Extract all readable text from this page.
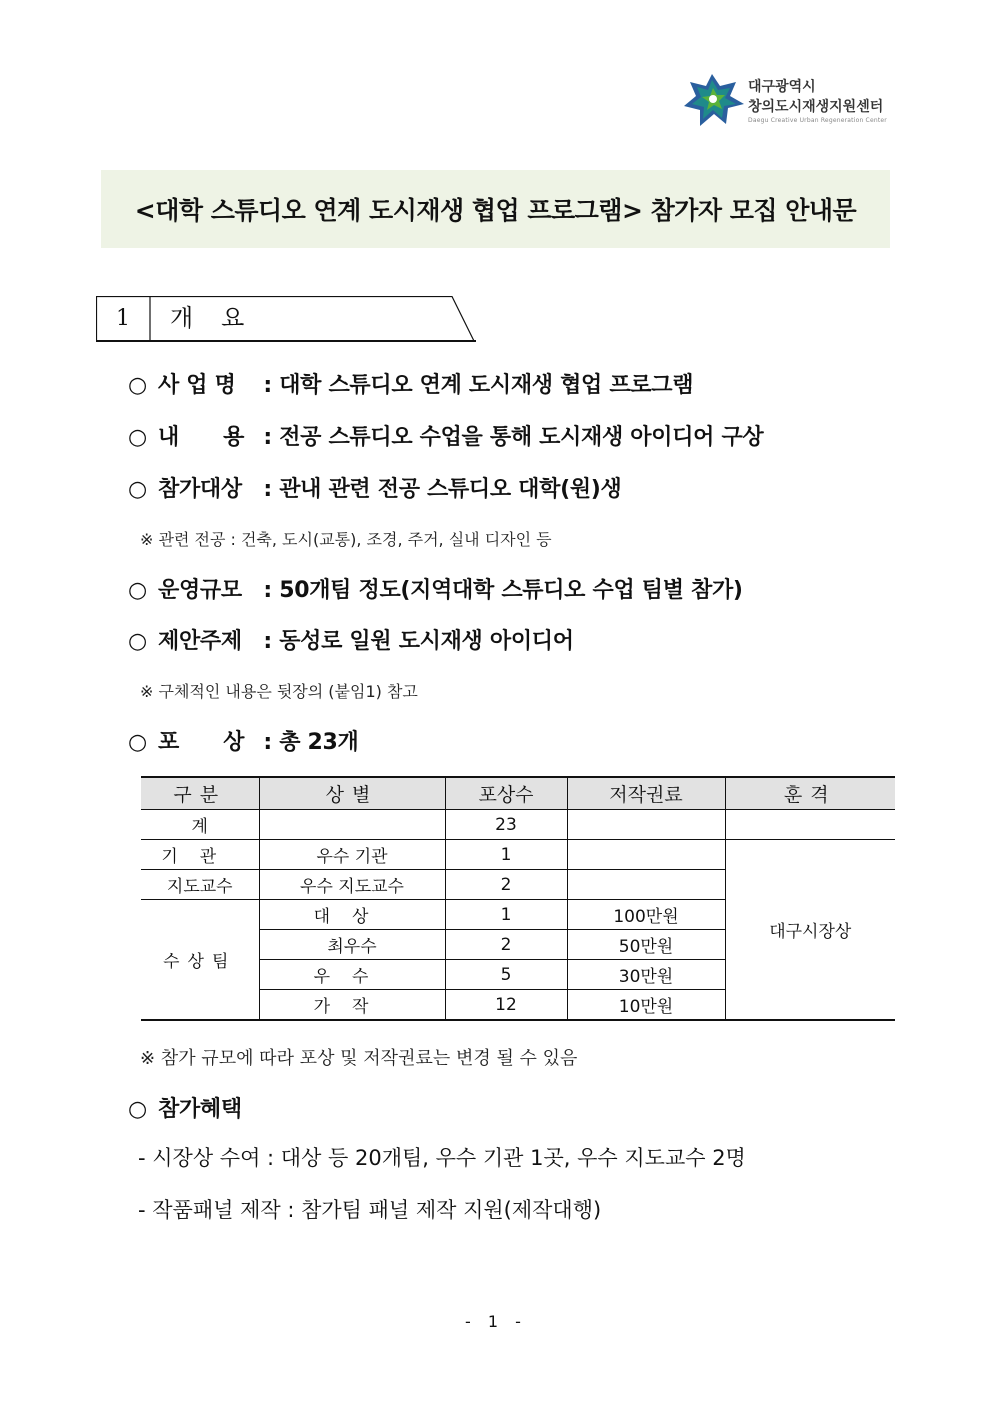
대구광역시
창의도시재생지원센터
Daegu Creative Urban Regeneration Center
<대학 스튜디오 연계 도시재생 협업 프로그램> 참가자 모집 안내문
1	개요
○ 사 업 명 : 대학 스튜디오 연계 도시재생 협업 프로그램
○ 내      용 : 전공 스튜디오 수업을 통해 도시재생 아이디어 구상
○ 참가대상 : 관내 관련 전공 스튜디오 대학(원)생
※ 관련 전공 : 건축, 도시(교통), 조경, 주거, 실내 디자인 등
○ 운영규모 : 50개팀 정도(지역대학 스튜디오 수업 팀별 참가)
○ 제안주제 : 동성로 일원 도시재생 아이디어
※ 구체적인 내용은 뒷장의 (붙임1) 참고
○ 포      상 : 총 23개
구분	상별	포상수	저작권료	훈격
계		23		
기관	우수 기관	1		대구시장상
지도교수	우수 지도교수	2		
수상팀	대상	1	100만원	
	최우수	2	50만원	
	우수	5	30만원	
	가작	12	10만원	
※ 참가 규모에 따라 포상 및 저작권료는 변경 될 수 있음
○ 참가혜택
- 시장상 수여 : 대상 등 20개팀, 우수 기관 1곳, 우수 지도교수 2명
- 작품패널 제작 : 참가팀 패널 제작 지원(제작대행)
- 1 -
